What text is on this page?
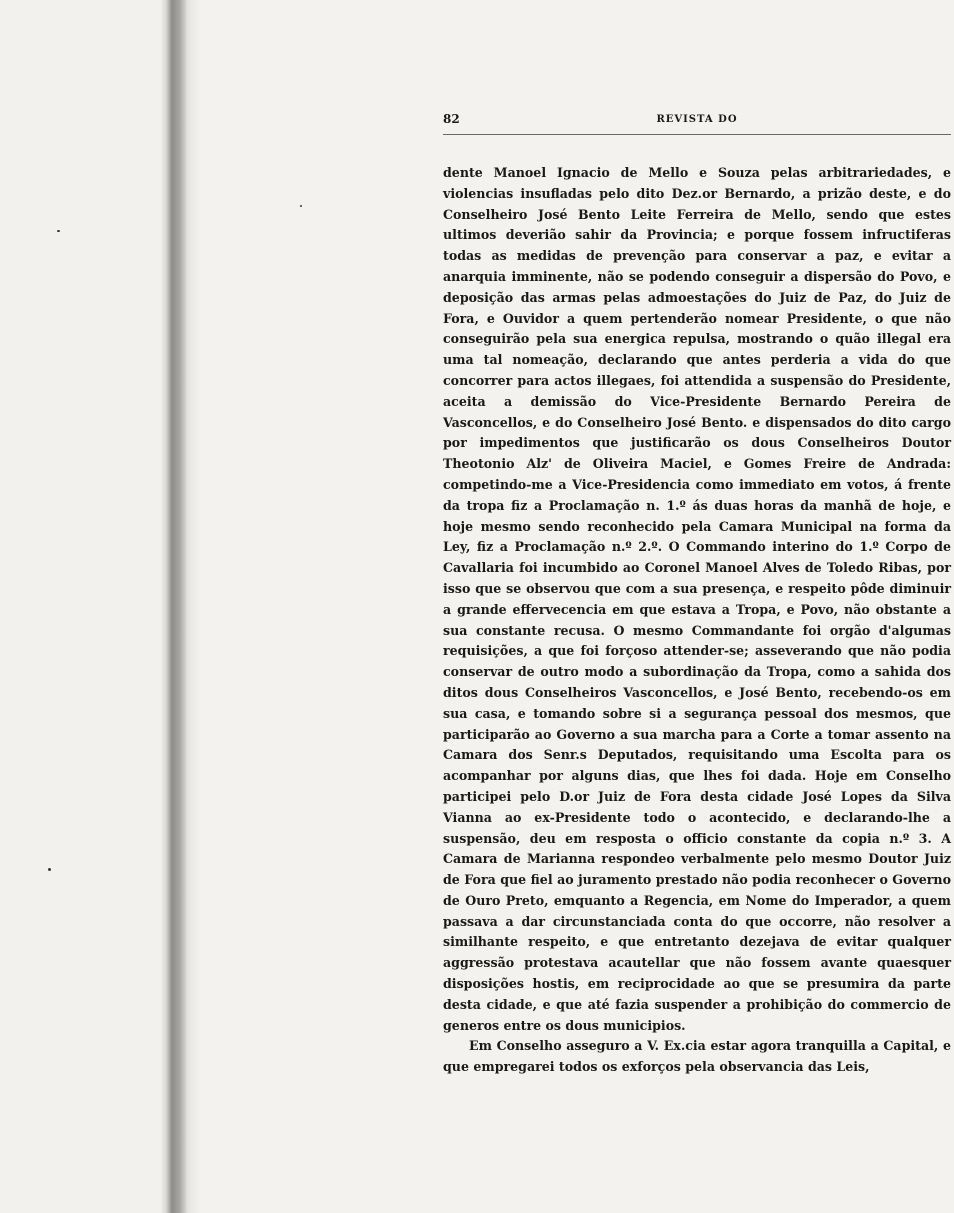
82	REVISTA DO

dente Manoel Ignacio de Mello e Souza pelas arbitrariedades, e violencias insufladas pelo dito Dez.or Bernardo, a prizão deste, e do Conselheiro José Bento Leite Ferreira de Mello, sendo que estes ultimos deverião sahir da Provincia; e porque fossem infructiferas todas as medidas de prevenção para conservar a paz, e evitar a anarquia imminente, não se podendo conseguir a dispersão do Povo, e deposição das armas pelas admoestações do Juiz de Paz, do Juiz de Fora, e Ouvidor a quem pertenderão nomear Presidente, o que não conseguirão pela sua energica repulsa, mostrando o quão illegal era uma tal nomeação, declarando que antes perderia a vida do que concorrer para actos illegaes, foi attendida a suspensão do Presidente, aceita a demissão do Vice-Presidente Bernardo Pereira de Vasconcellos, e do Conselheiro José Bento. e dispensados do dito cargo por impedimentos que justificarão os dous Conselheiros Doutor Theotonio Alz' de Oliveira Maciel, e Gomes Freire de Andrada: competindo-me a Vice-Presidencia como immediato em votos, á frente da tropa fiz a Proclamação n. 1.º ás duas horas da manhã de hoje, e hoje mesmo sendo reconhecido pela Camara Municipal na forma da Ley, fiz a Proclamação n.º 2.º. O Commando interino do 1.º Corpo de Cavallaria foi incumbido ao Coronel Manoel Alves de Toledo Ribas, por isso que se observou que com a sua presença, e respeito pôde diminuir a grande effervecencia em que estava a Tropa, e Povo, não obstante a sua constante recusa. O mesmo Commandante foi orgão d'algumas requisições, a que foi forçoso attender-se; asseverando que não podia conservar de outro modo a subordinação da Tropa, como a sahida dos ditos dous Conselheiros Vasconcellos, e José Bento, recebendo-os em sua casa, e tomando sobre si a segurança pessoal dos mesmos, que participarão ao Governo a sua marcha para a Corte a tomar assento na Camara dos Senr.s Deputados, requisitando uma Escolta para os acompanhar por alguns dias, que lhes foi dada. Hoje em Conselho participei pelo D.or Juiz de Fora desta cidade José Lopes da Silva Vianna ao ex-Presidente todo o acontecido, e declarando-lhe a suspensão, deu em resposta o officio constante da copia n.º 3. A Camara de Marianna respondeo verbalmente pelo mesmo Doutor Juiz de Fora que fiel ao juramento prestado não podia reconhecer o Governo de Ouro Preto, emquanto a Regencia, em Nome do Imperador, a quem passava a dar circunstanciada conta do que occorre, não resolver a similhante respeito, e que entretanto dezejava de evitar qualquer aggressão protestava acautellar que não fossem avante quaesquer disposições hostis, em reciprocidade ao que se presumira da parte desta cidade, e que até fazia suspender a prohibição do commercio de generos entre os dous municipios.

Em Conselho asseguro a V. Ex.cia estar agora tranquilla a Capital, e que empregarei todos os exforços pela observancia das Leis,
